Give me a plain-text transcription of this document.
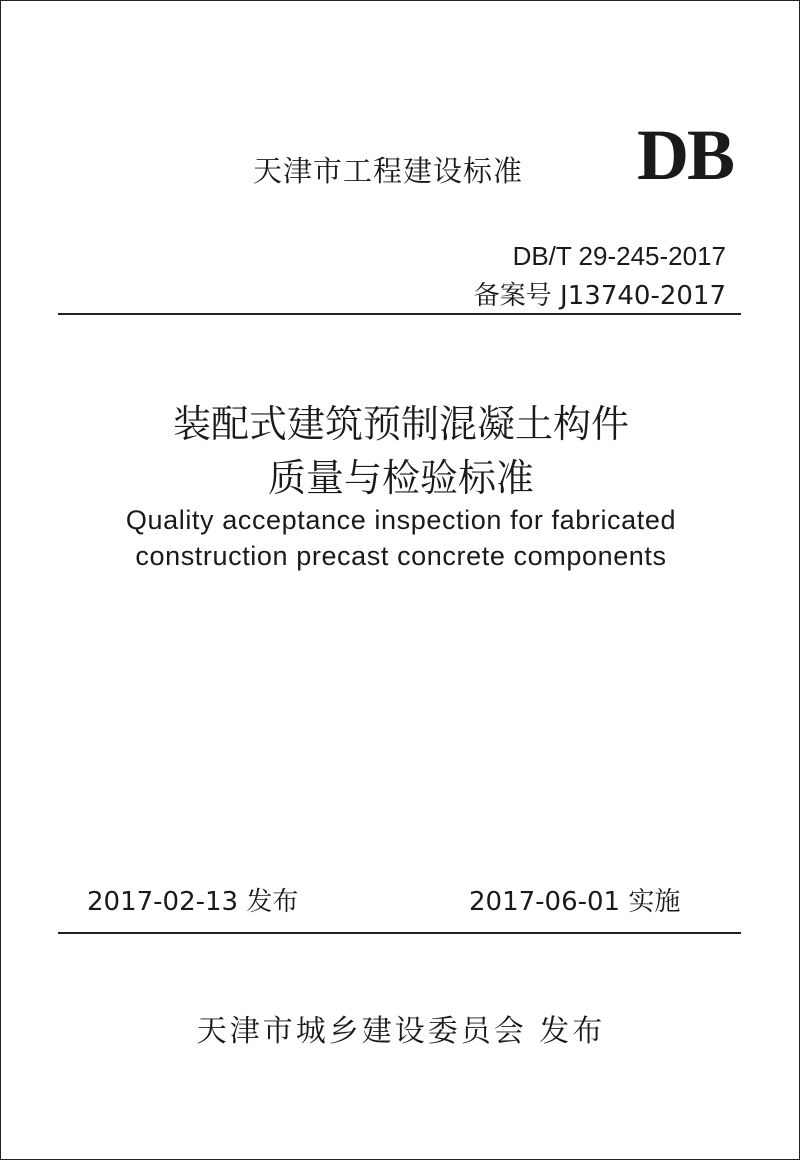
天津市工程建设标准 DB
DB/T 29-245-2017
备案号 J13740-2017
装配式建筑预制混凝土构件
质量与检验标准
Quality acceptance inspection for fabricated
construction precast concrete components
2017-02-13 发布	2017-06-01 实施
天津市城乡建设委员会 发布
